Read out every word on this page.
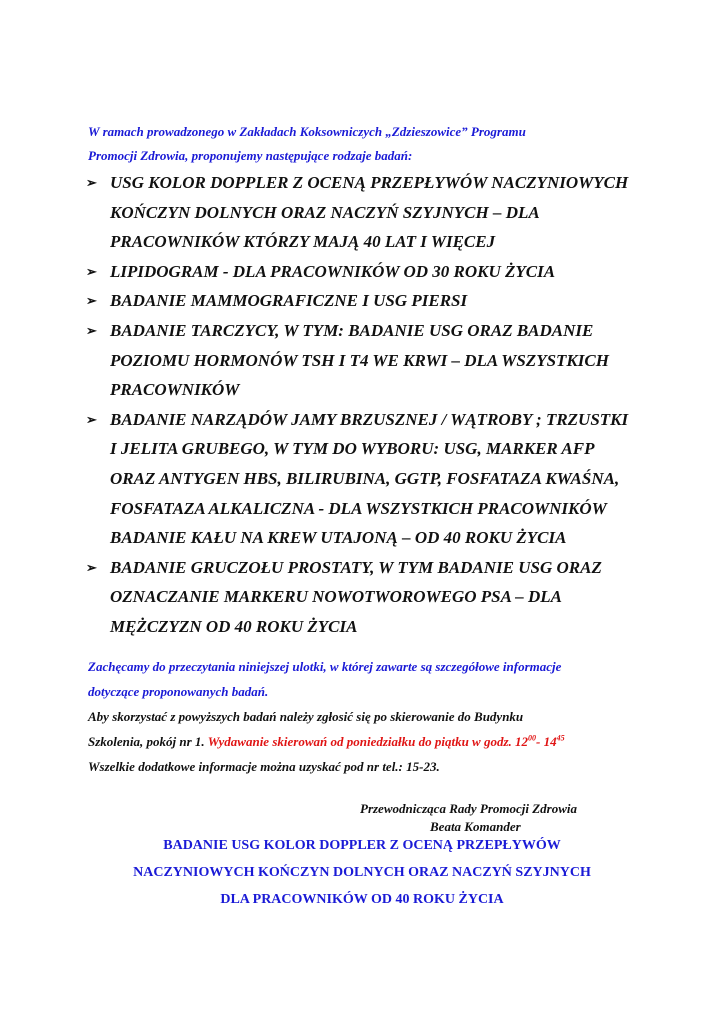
W ramach prowadzonego w Zakładach Koksowniczych „Zdzieszowice” Programu

Promocji Zdrowia, proponujemy następujące rodzaje badań:

➢ USG KOLOR DOPPLER Z OCENĄ PRZEPŁYWÓW NACZYNIOWYCH
KOŃCZYN DOLNYCH ORAZ NACZYŃ SZYJNYCH – DLA
PRACOWNIKÓW KTÓRZY MAJĄ 40 LAT I WIĘCEJ
➢ LIPIDOGRAM - DLA PRACOWNIKÓW OD 30 ROKU ŻYCIA
➢ BADANIE MAMMOGRAFICZNE I USG PIERSI
➢ BADANIE TARCZYCY, W TYM: BADANIE USG ORAZ BADANIE
POZIOMU HORMONÓW TSH I T4 WE KRWI – DLA WSZYSTKICH
PRACOWNIKÓW
➢ BADANIE NARZĄDÓW JAMY BRZUSZNEJ / WĄTROBY ; TRZUSTKI
I JELITA GRUBEGO, W TYM DO WYBORU: USG, MARKER AFP
ORAZ ANTYGEN HBS, BILIRUBINA, GGTP, FOSFATAZA KWAŚNA,
FOSFATAZA ALKALICZNA - DLA WSZYSTKICH PRACOWNIKÓW
BADANIE KAŁU NA KREW UTAJONĄ – OD 40 ROKU ŻYCIA
➢ BADANIE GRUCZOŁU PROSTATY, W TYM BADANIE USG ORAZ
OZNACZANIE MARKERU NOWOTWOROWEGO PSA – DLA
MĘŻCZYZN OD 40 ROKU ŻYCIA

Zachęcamy do przeczytania niniejszej ulotki, w której zawarte są szczegółowe informacje

dotyczące proponowanych badań.

Aby skorzystać z powyższych badań należy zgłosić się po skierowanie do Budynku

Szkolenia, pokój nr 1. Wydawanie skierowań od poniedziałku do piątku w godz. $12^{00}-$ $14^{45}$

Wszelkie dodatkowe informacje można uzyskać pod nr tel.: 15-23.

Przewodnicząca Rady Promocji Zdrowia
Beata Komander
BADANIE USG KOLOR DOPPLER Z OCENĄ PRZEPŁYWÓW
NACZYNIOWYCH KOŃCZYN DOLNYCH ORAZ NACZYŃ SZYJNYCH
DLA PRACOWNIKÓW OD 40 ROKU ŻYCIA
